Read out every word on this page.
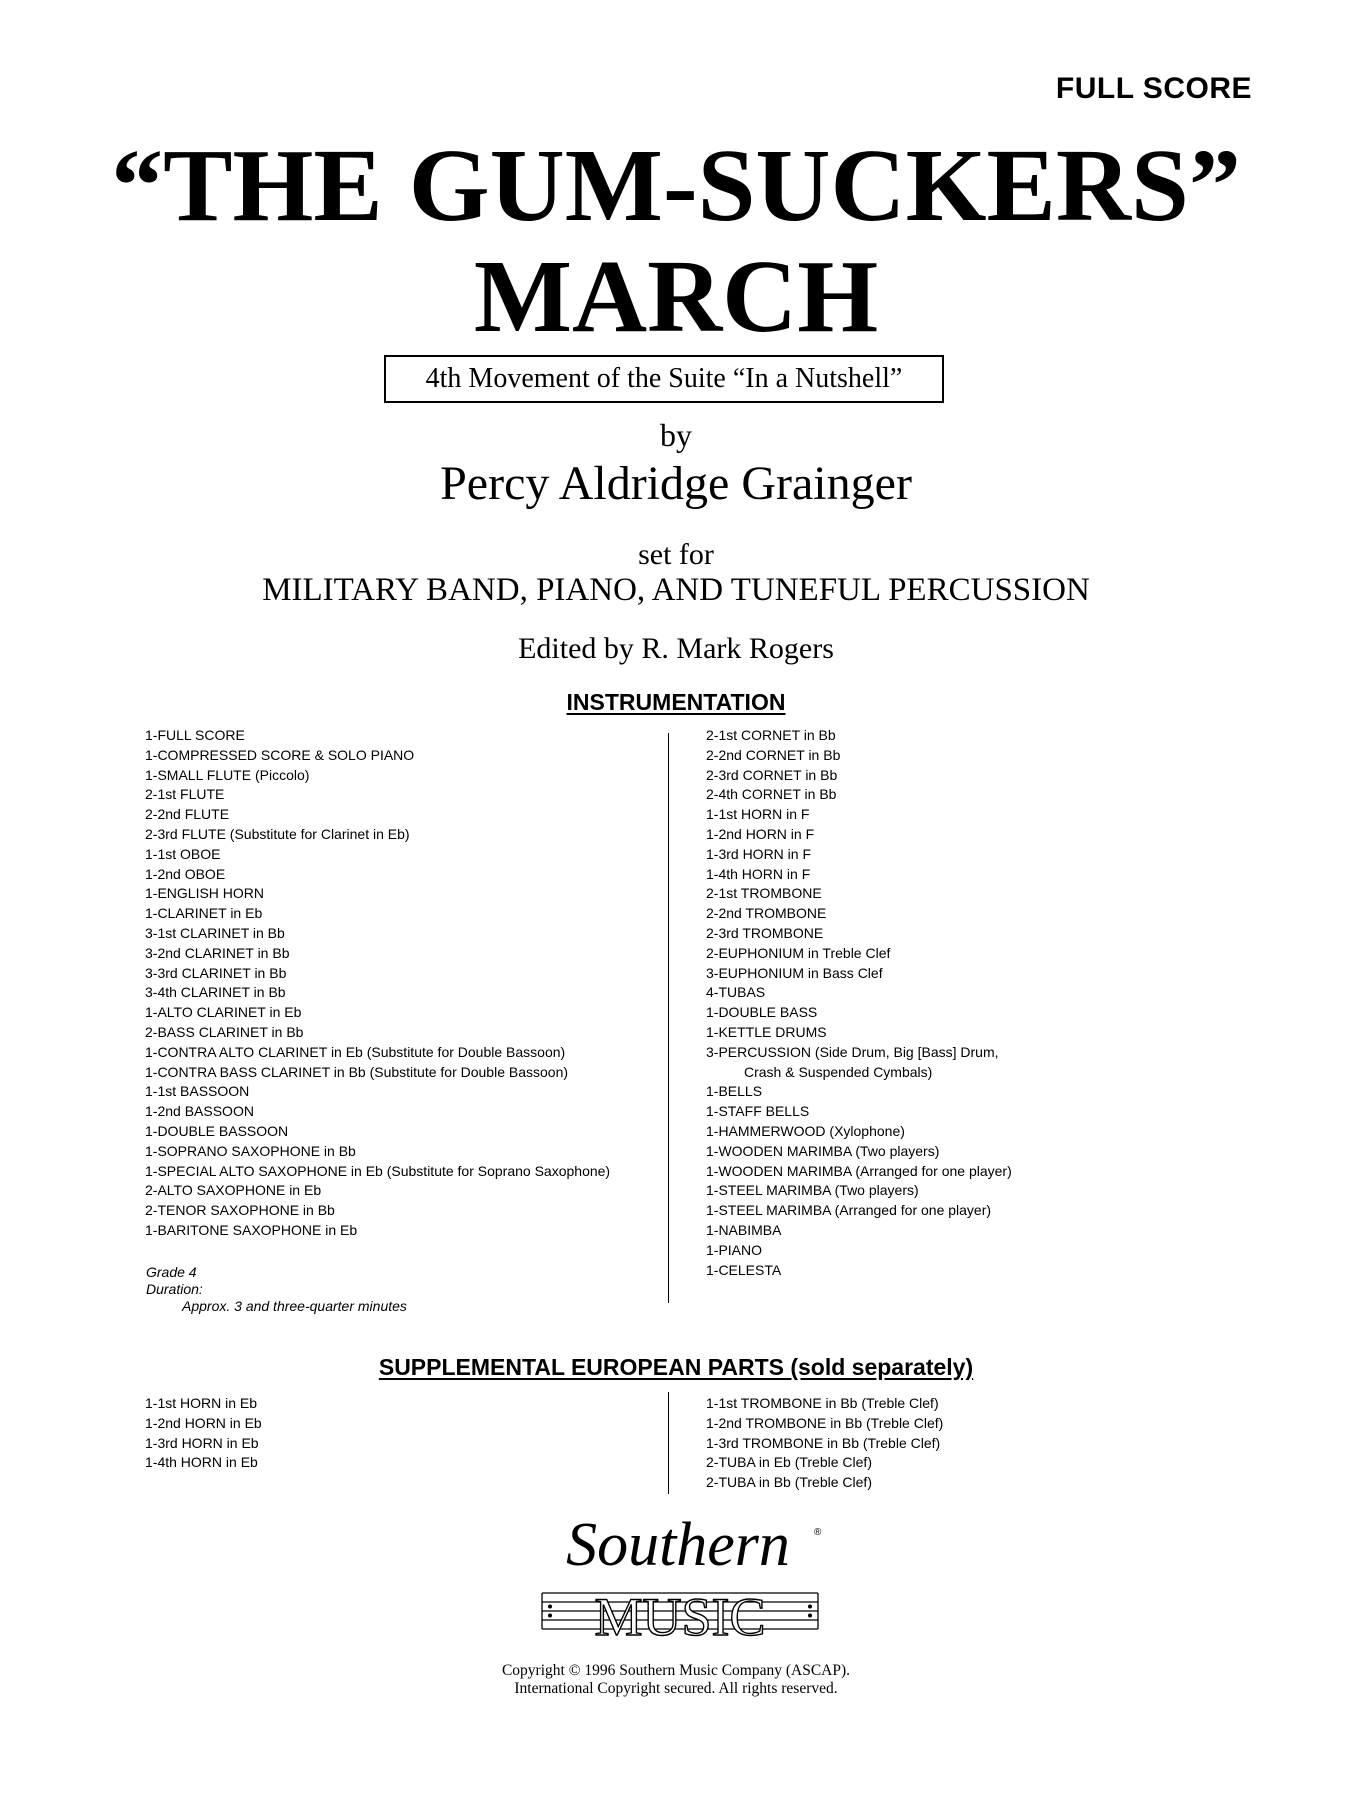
FULL SCORE
“THE GUM-SUCKERS”
MARCH
4th Movement of the Suite “In a Nutshell”
by
Percy Aldridge Grainger
set for
MILITARY BAND, PIANO, AND TUNEFUL PERCUSSION
Edited by R. Mark Rogers
INSTRUMENTATION
1-FULL SCORE
1-COMPRESSED SCORE & SOLO PIANO
1-SMALL FLUTE (Piccolo)
2-1st FLUTE
2-2nd FLUTE
2-3rd FLUTE (Substitute for Clarinet in Eb)
1-1st OBOE
1-2nd OBOE
1-ENGLISH HORN
1-CLARINET in Eb
3-1st CLARINET in Bb
3-2nd CLARINET in Bb
3-3rd CLARINET in Bb
3-4th CLARINET in Bb
1-ALTO CLARINET in Eb
2-BASS CLARINET in Bb
1-CONTRA ALTO CLARINET in Eb (Substitute for Double Bassoon)
1-CONTRA BASS CLARINET in Bb (Substitute for Double Bassoon)
1-1st BASSOON
1-2nd BASSOON
1-DOUBLE BASSOON
1-SOPRANO SAXOPHONE in Bb
1-SPECIAL ALTO SAXOPHONE in Eb (Substitute for Soprano Saxophone)
2-ALTO SAXOPHONE in Eb
2-TENOR SAXOPHONE in Bb
1-BARITONE SAXOPHONE in Eb
2-1st CORNET in Bb
2-2nd CORNET in Bb
2-3rd CORNET in Bb
2-4th CORNET in Bb
1-1st HORN in F
1-2nd HORN in F
1-3rd HORN in F
1-4th HORN in F
2-1st TROMBONE
2-2nd TROMBONE
2-3rd TROMBONE
2-EUPHONIUM in Treble Clef
3-EUPHONIUM in Bass Clef
4-TUBAS
1-DOUBLE BASS
1-KETTLE DRUMS
3-PERCUSSION (Side Drum, Big [Bass] Drum,
Crash & Suspended Cymbals)
1-BELLS
1-STAFF BELLS
1-HAMMERWOOD (Xylophone)
1-WOODEN MARIMBA (Two players)
1-WOODEN MARIMBA (Arranged for one player)
1-STEEL MARIMBA (Two players)
1-STEEL MARIMBA (Arranged for one player)
1-NABIMBA
1-PIANO
1-CELESTA
Grade 4
Duration:
Approx. 3 and three-quarter minutes
SUPPLEMENTAL EUROPEAN PARTS (sold separately)
1-1st HORN in Eb
1-2nd HORN in Eb
1-3rd HORN in Eb
1-4th HORN in Eb
1-1st TROMBONE in Bb (Treble Clef)
1-2nd TROMBONE in Bb (Treble Clef)
1-3rd TROMBONE in Bb (Treble Clef)
2-TUBA in Eb (Treble Clef)
2-TUBA in Bb (Treble Clef)
Southern ®
MUSIC
Copyright © 1996 Southern Music Company (ASCAP).
International Copyright secured. All rights reserved.
